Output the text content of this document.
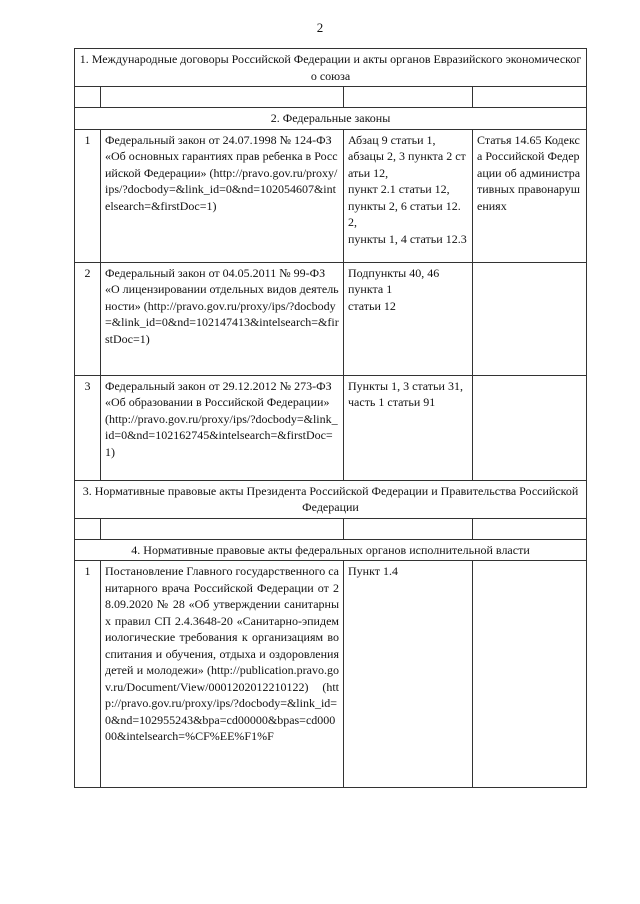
2
1. Международные договоры Российской Федерации и акты органов Евразийского экономического союза			

2. Федеральные законы			
1	Федеральный закон от 24.07.1998 № 124-ФЗ «Об основных гарантиях прав ребенка в Российской Федерации» (http://pravo.gov.ru/proxy/ips/?docbody=&link_id=0&nd=102054607&intelsearch=&firstDoc=1)	Абзац 9 статьи 1,
абзацы 2, 3 пункта 2 статьи 12,
пункт 2.1 статьи 12,
пункты 2, 6 статьи 12.2,
пункты 1, 4 статьи 12.3	Статья 14.65 Кодекса Российской Федерации об административных правонарушениях
2	Федеральный закон от 04.05.2011 № 99-ФЗ «О лицензировании отдельных видов деятельности» (http://pravo.gov.ru/proxy/ips/?docbody=&link_id=0&nd=102147413&intelsearch=&firstDoc=1)	Подпункты 40, 46
пункта 1
статьи 12	

3	Федеральный закон от 29.12.2012 № 273-ФЗ «Об образовании в Российской Федерации» (http://pravo.gov.ru/proxy/ips/?docbody=&link_id=0&nd=102162745&intelsearch=&firstDoc=1)	Пункты 1, 3 статьи 31,
часть 1 статьи 91	

3. Нормативные правовые акты Президента Российской Федерации и Правительства Российской Федерации			

4. Нормативные правовые акты федеральных органов исполнительной власти			
1	Постановление Главного государственного санитарного врача Российской Федерации от 28.09.2020 № 28 «Об утверждении санитарных правил СП 2.4.3648-20 «Санитарно-эпидемиологические требования к организациям воспитания и обучения, отдыха и оздоровления детей и молодежи» (http://publication.pravo.gov.ru/Document/View/0001202012210122) (http://pravo.gov.ru/proxy/ips/?docbody=&link_id=0&nd=102955243&bpa=cd00000&bpas=cd00000&intelsearch=%CF%EE%F1%F	Пункт 1.4	
